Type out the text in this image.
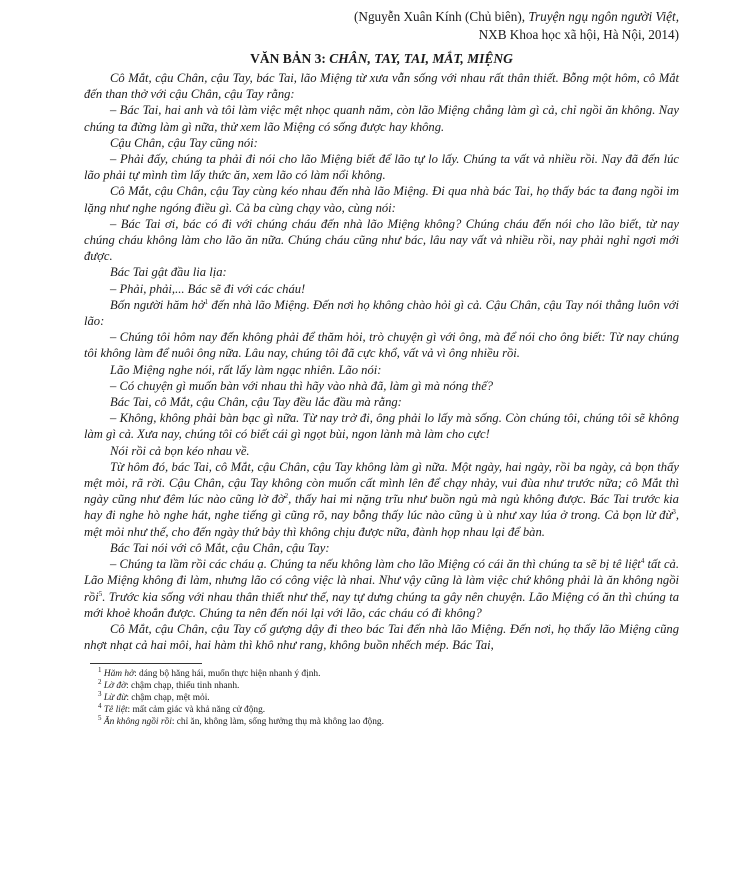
(Nguyễn Xuân Kính (Chủ biên), Truyện ngụ ngôn người Việt,
NXB Khoa học xã hội, Hà Nội, 2014)
VĂN BẢN 3: CHÂN, TAY, TAI, MẮT, MIỆNG

Cô Mắt, cậu Chân, cậu Tay, bác Tai, lão Miệng từ xưa vẫn sống với nhau rất thân thiết. Bỗng một hôm, cô Mắt đến than thở với cậu Chân, cậu Tay rằng:

– Bác Tai, hai anh và tôi làm việc mệt nhọc quanh năm, còn lão Miệng chẳng làm gì cả, chỉ ngồi ăn không. Nay chúng ta đừng làm gì nữa, thử xem lão Miệng có sống được hay không.

Cậu Chân, cậu Tay cũng nói:

– Phải đấy, chúng ta phải đi nói cho lão Miệng biết để lão tự lo lấy. Chúng ta vất vả nhiều rồi. Nay đã đến lúc lão phải tự mình tìm lấy thức ăn, xem lão có làm nổi không.

Cô Mắt, cậu Chân, cậu Tay cùng kéo nhau đến nhà lão Miệng. Đi qua nhà bác Tai, họ thấy bác ta đang ngồi im lặng như nghe ngóng điều gì. Cả ba cùng chạy vào, cùng nói:

– Bác Tai ơi, bác có đi với chúng cháu đến nhà lão Miệng không? Chúng cháu đến nói cho lão biết, từ nay chúng cháu không làm cho lão ăn nữa. Chúng cháu cũng như bác, lâu nay vất vả nhiều rồi, nay phải nghỉ ngơi mới được.

Bác Tai gật đầu lia lịa:

– Phải, phải,... Bác sẽ đi với các cháu!

Bốn người hăm hở$^1$ đến nhà lão Miệng. Đến nơi họ không chào hỏi gì cả. Cậu Chân, cậu Tay nói thẳng luôn với lão:

– Chúng tôi hôm nay đến không phải để thăm hỏi, trò chuyện gì với ông, mà để nói cho ông biết: Từ nay chúng tôi không làm để nuôi ông nữa. Lâu nay, chúng tôi đã cực khổ, vất vả vì ông nhiều rồi.

Lão Miệng nghe nói, rất lấy làm ngạc nhiên. Lão nói:

– Có chuyện gì muốn bàn với nhau thì hãy vào nhà đã, làm gì mà nóng thế?

Bác Tai, cô Mắt, cậu Chân, cậu Tay đều lắc đầu mà rằng:

– Không, không phải bàn bạc gì nữa. Từ nay trở đi, ông phải lo lấy mà sống. Còn chúng tôi, chúng tôi sẽ không làm gì cả. Xưa nay, chúng tôi có biết cái gì ngọt bùi, ngon lành mà làm cho cực!

Nói rồi cả bọn kéo nhau về.

Từ hôm đó, bác Tai, cô Mắt, cậu Chân, cậu Tay không làm gì nữa. Một ngày, hai ngày, rồi ba ngày, cả bọn thấy mệt mỏi, rã rời. Cậu Chân, cậu Tay không còn muốn cất mình lên để chạy nhảy, vui đùa như trước nữa; cô Mắt thì ngày cũng như đêm lúc nào cũng lờ đờ$^2$, thấy hai mi nặng trĩu như buồn ngủ mà ngủ không được. Bác Tai trước kia hay đi nghe hò nghe hát, nghe tiếng gì cũng rõ, nay bỗng thấy lúc nào cũng ù ù như xay lúa ở trong. Cả bọn lừ đừ$^3$, mệt mỏi như thế, cho đến ngày thứ bảy thì không chịu được nữa, đành họp nhau lại để bàn.

Bác Tai nói với cô Mắt, cậu Chân, cậu Tay:

– Chúng ta lầm rồi các cháu ạ. Chúng ta nếu không làm cho lão Miệng có cái ăn thì chúng ta sẽ bị tê liệt$^4$ tất cả. Lão Miệng không đi làm, nhưng lão có công việc là nhai. Như vậy cũng là làm việc chứ không phải là ăn không ngồi rồi$^5$. Trước kia sống với nhau thân thiết như thế, nay tự dưng chúng ta gây nên chuyện. Lão Miệng có ăn thì chúng ta mới khoẻ khoắn được. Chúng ta nên đến nói lại với lão, các cháu có đi không?

Cô Mắt, cậu Chân, cậu Tay cố gượng dậy đi theo bác Tai đến nhà lão Miệng. Đến nơi, họ thấy lão Miệng cũng nhợt nhạt cả hai môi, hai hàm thì khô như rang, không buồn nhếch mép. Bác Tai,

$^1$ Hăm hở: dáng bộ hăng hái, muốn thực hiện nhanh ý định.
$^2$ Lờ đờ: chậm chạp, thiếu tinh nhanh.
$^3$ Lừ đừ: chậm chạp, mệt mỏi.
$^4$ Tê liệt: mất cảm giác và khả năng cử động.
$^5$ Ăn không ngồi rồi: chỉ ăn, không làm, sống hưởng thụ mà không lao động.
